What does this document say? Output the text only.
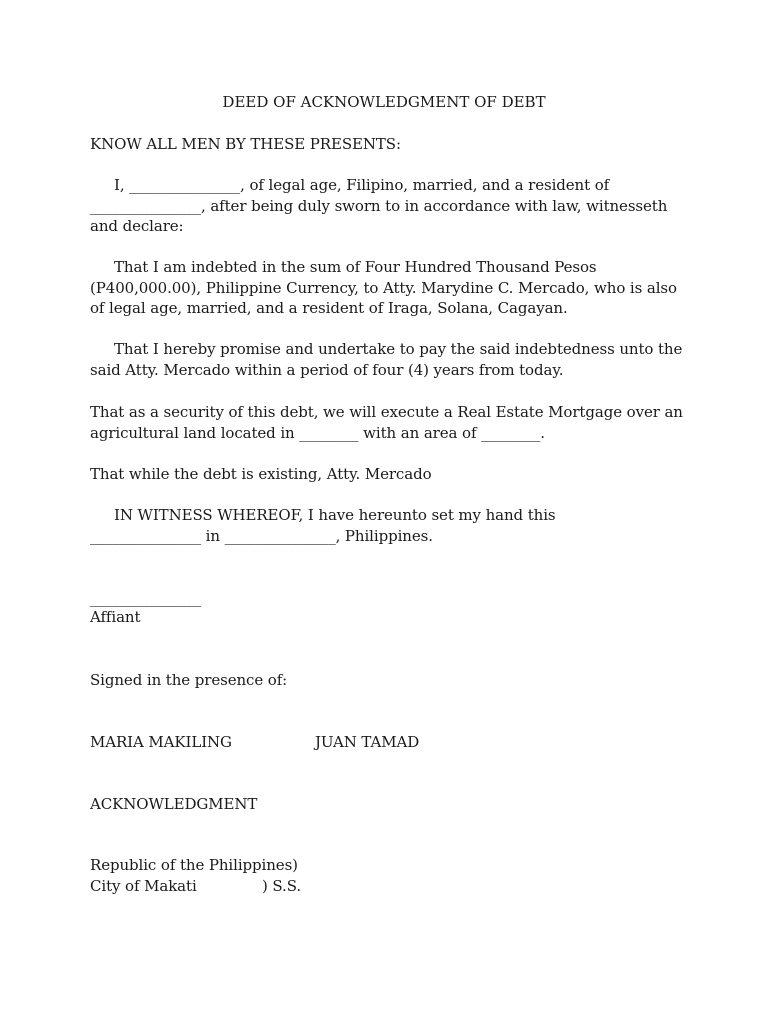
DEED OF ACKNOWLEDGMENT OF DEBT
KNOW ALL MEN BY THESE PRESENTS:
I, _______________, of legal age, Filipino, married, and a resident of
_______________, after being duly sworn to in accordance with law, witnesseth
and declare:
That I am indebted in the sum of Four Hundred Thousand Pesos
(P400,000.00), Philippine Currency, to Atty. Marydine C. Mercado, who is also
of legal age, married, and a resident of Iraga, Solana, Cagayan.
That I hereby promise and undertake to pay the said indebtedness unto the
said Atty. Mercado within a period of four (4) years from today.
That as a security of this debt, we will execute a Real Estate Mortgage over an
agricultural land located in ________ with an area of ________.
That while the debt is existing, Atty. Mercado
IN WITNESS WHEREOF, I have hereunto set my hand this
_______________ in _______________, Philippines.
_______________
Affiant
Signed in the presence of:
MARIA MAKILING	JUAN TAMAD
ACKNOWLEDGMENT
Republic of the Philippines)
City of Makati	) S.S.
